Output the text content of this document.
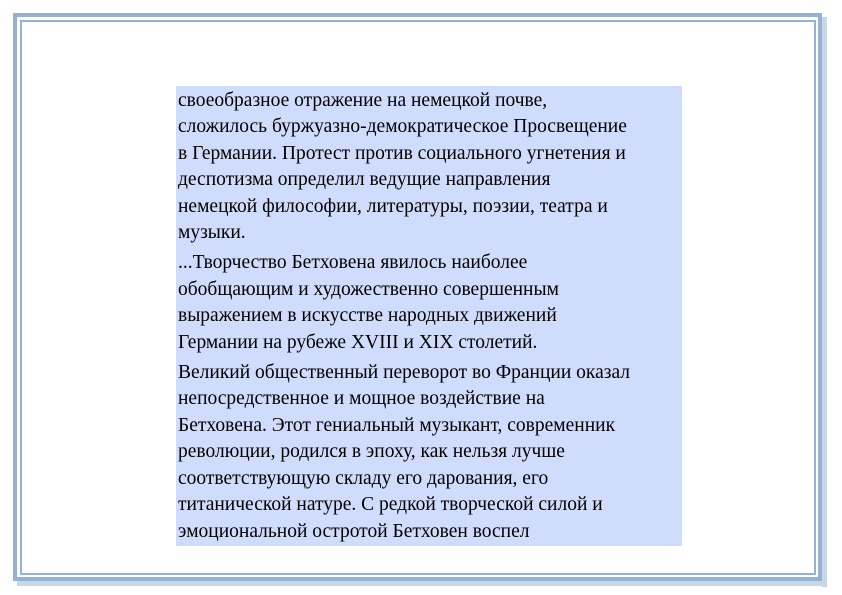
своеобразное отражение на немецкой почве,
сложилось буржуазно-демократическое Просвещение
в Германии. Протест против социального угнетения и
деспотизма определил ведущие направления
немецкой философии, литературы, поэзии, театра и
музыки.

...Творчество Бетховена явилось наиболее
обобщающим и художественно совершенным
выражением в искусстве народных движений
Германии на рубеже XVIII и XIX столетий.

Великий общественный переворот во Франции оказал
непосредственное и мощное воздействие на
Бетховена. Этот гениальный музыкант, современник
революции, родился в эпоху, как нельзя лучше
соответствующую складу его дарования, его
титанической натуре. С редкой творческой силой и
эмоциональной остротой Бетховен воспел
